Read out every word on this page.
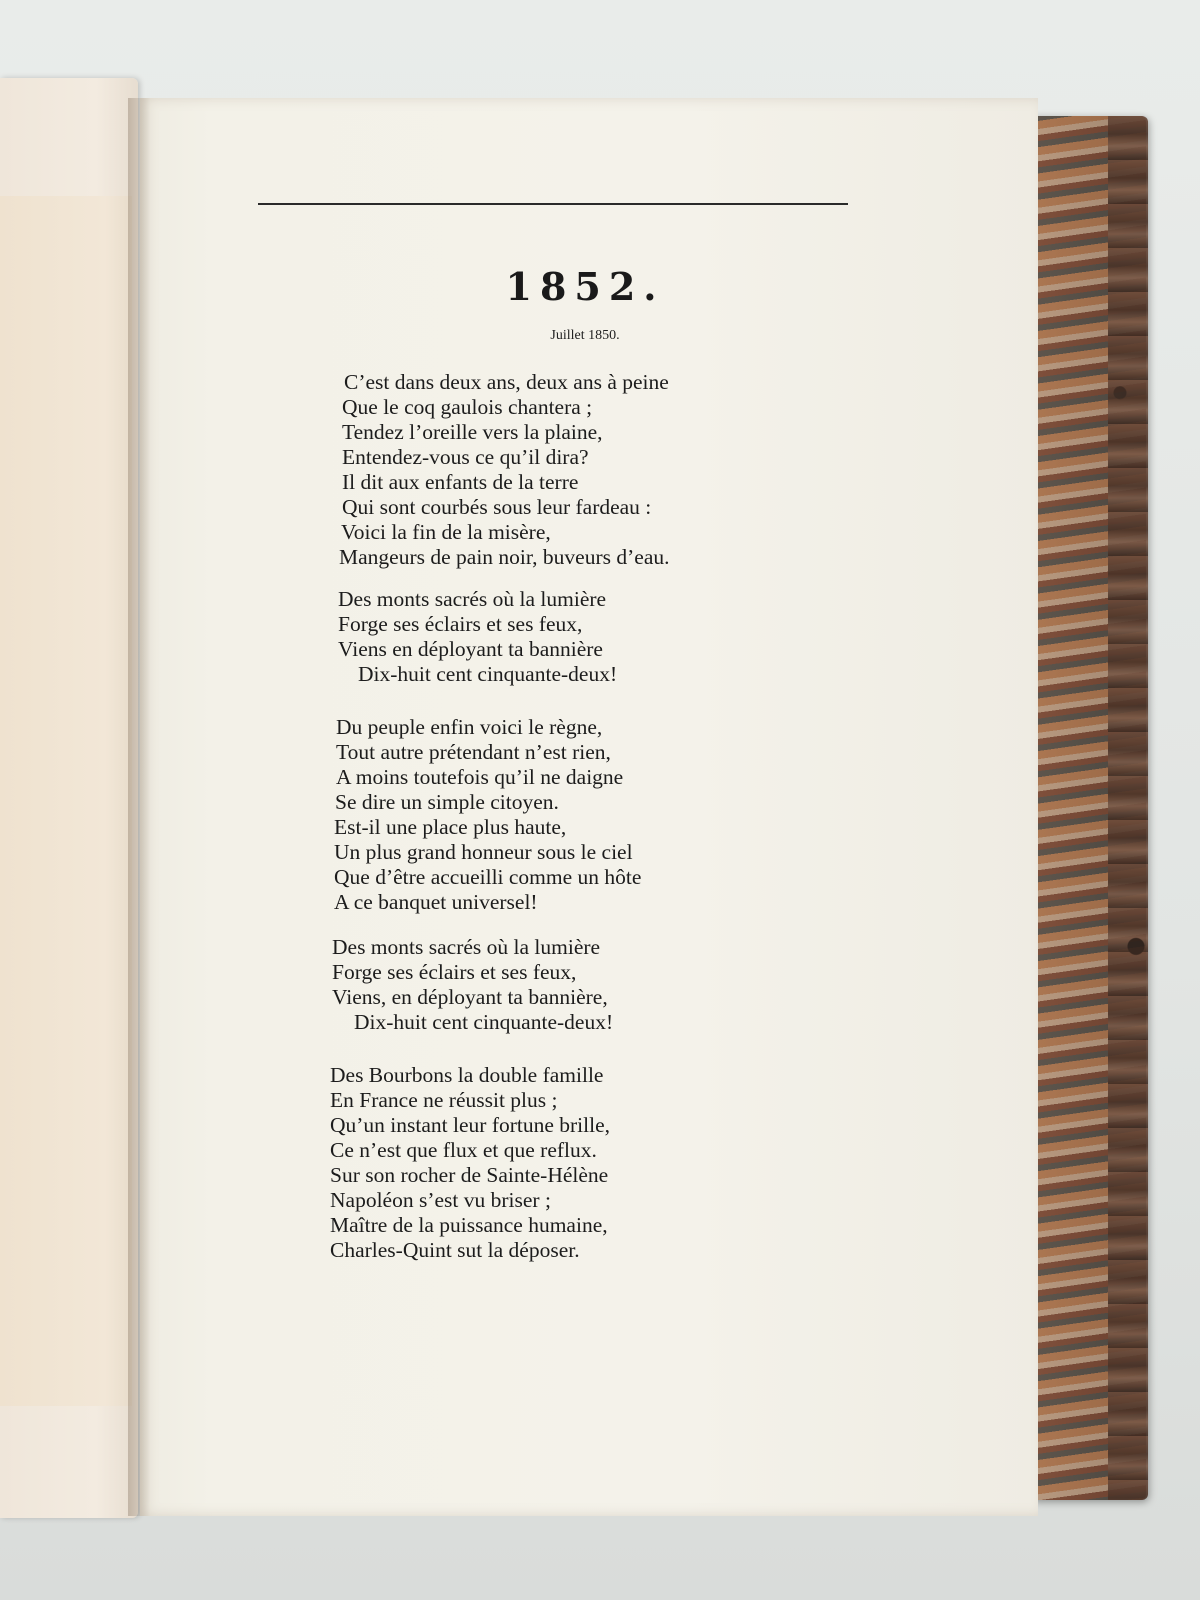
1852.
Juillet 1850.
C’est dans deux ans, deux ans à peine
Que le coq gaulois chantera ;
Tendez l’oreille vers la plaine,
Entendez-vous ce qu’il dira?
Il dit aux enfants de la terre
Qui sont courbés sous leur fardeau :
Voici la fin de la misère,
Mangeurs de pain noir, buveurs d’eau.
Des monts sacrés où la lumière
Forge ses éclairs et ses feux,
Viens en déployant ta bannière
Dix-huit cent cinquante-deux!
Du peuple enfin voici le règne,
Tout autre prétendant n’est rien,
A moins toutefois qu’il ne daigne
Se dire un simple citoyen.
Est-il une place plus haute,
Un plus grand honneur sous le ciel
Que d’être accueilli comme un hôte
A ce banquet universel!
Des monts sacrés où la lumière
Forge ses éclairs et ses feux,
Viens, en déployant ta bannière,
Dix-huit cent cinquante-deux!
Des Bourbons la double famille
En France ne réussit plus ;
Qu’un instant leur fortune brille,
Ce n’est que flux et que reflux.
Sur son rocher de Sainte-Hélène
Napoléon s’est vu briser ;
Maître de la puissance humaine,
Charles-Quint sut la déposer.
